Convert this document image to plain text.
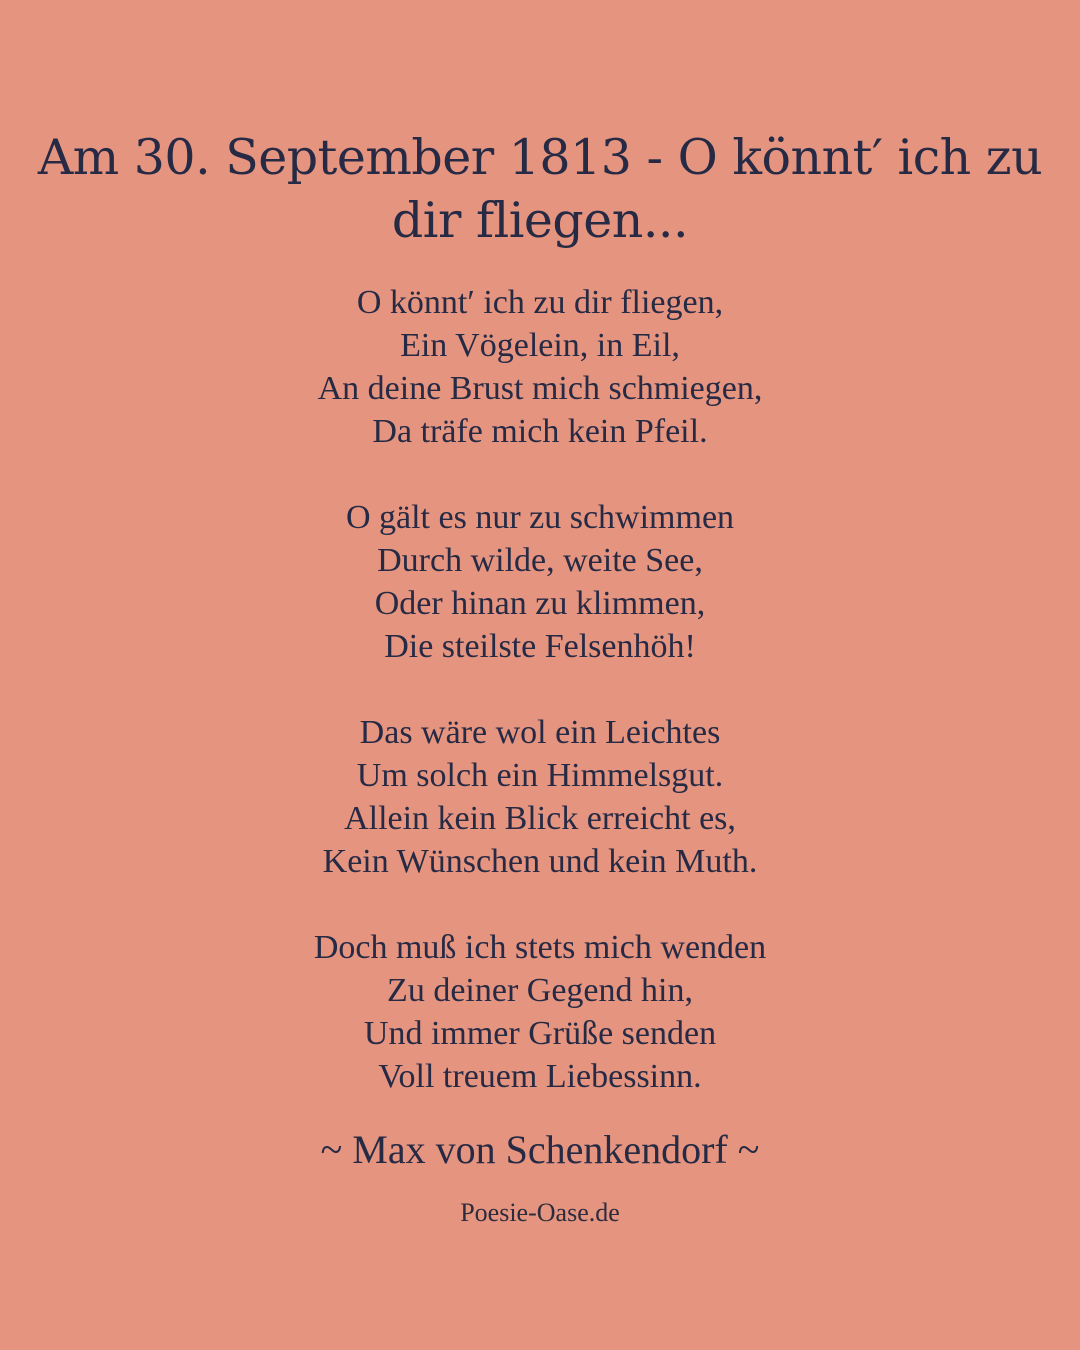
Am 30. September 1813 - O könnt′ ich zu dir fliegen...
O könnt′ ich zu dir fliegen,
Ein Vögelein, in Eil,
An deine Brust mich schmiegen,
Da träfe mich kein Pfeil.
O gält es nur zu schwimmen
Durch wilde, weite See,
Oder hinan zu klimmen,
Die steilste Felsenhöh!
Das wäre wol ein Leichtes
Um solch ein Himmelsgut.
Allein kein Blick erreicht es,
Kein Wünschen und kein Muth.
Doch muß ich stets mich wenden
Zu deiner Gegend hin,
Und immer Grüße senden
Voll treuem Liebessinn.
~ Max von Schenkendorf ~
Poesie-Oase.de
